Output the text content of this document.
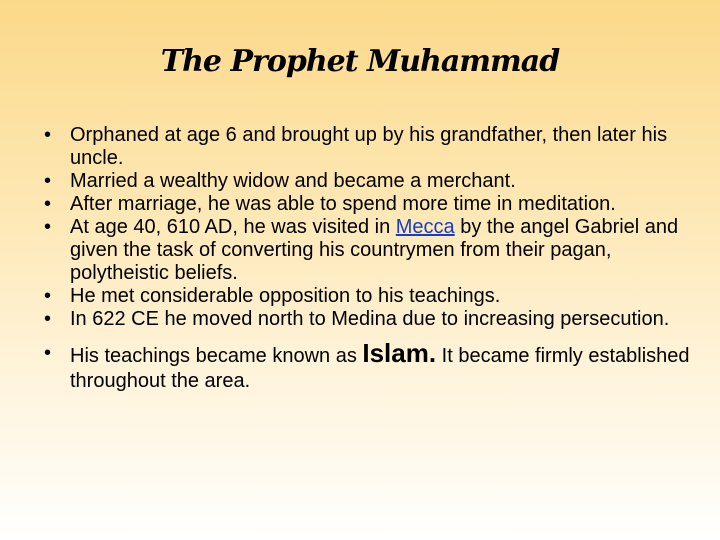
The Prophet Muhammad
• Orphaned at age 6 and brought up by his grandfather, then later his uncle.
• Married a wealthy widow and became a merchant.
• After marriage, he was able to spend more time in meditation.
• At age 40, 610 AD, he was visited in Mecca by the angel Gabriel and given the task of converting his countrymen from their pagan, polytheistic beliefs.
• He met considerable opposition to his teachings.
• In 622 CE he moved north to Medina due to increasing persecution.
• His teachings became known as Islam. It became firmly established throughout the area.
